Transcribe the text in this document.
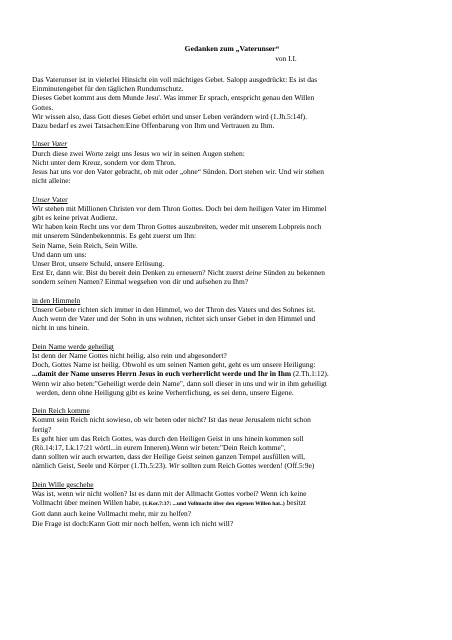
Gedanken zum „Vaterunser“
von I.I.

Das Vaterunser ist in vielerlei Hinsicht ein voll mächtiges Gebet. Salopp ausgedrückt: Es ist das
Einminutengebet für den täglichen Rundumschutz.
Dieses Gebet kommt aus dem Munde Jesu'. Was immer Er sprach, entspricht genau den Willen
Gottes.
Wir wissen also, dass Gott dieses Gebet erhört und unser Leben verändern wird (1.Jh.5:14f).
Dazu bedarf es zwei Tatsachen:Eine Offenbarung von Ihm und Vertrauen zu Ihm.

Unser Vater
Durch diese zwei Worte zeigt uns Jesus wo wir in seinen Augen stehen:
Nicht unter dem Kreuz, sondern vor dem Thron.
Jesus hat uns vor den Vater gebracht, ob mit oder „ohne“ Sünden. Dort stehen wir. Und wir stehen
nicht alleine:

Unser Vater
Wir stehen mit Millionen Christen vor dem Thron Gottes. Doch bei dem heiligen Vater im Himmel
gibt es keine privat Audienz.
Wir haben kein Recht uns vor dem Thron Gottes auszubreiten, weder mit unserem Lobpreis noch
mit unserem Sündenbekenntnis. Es geht zuerst um Ihn:
Sein Name, Sein Reich, Sein Wille.
Und dann um uns:
Unser Brot, unsere Schuld, unsere Erlösung.
Erst Er, dann wir. Bist du bereit dein Denken zu erneuern? Nicht zuerst deine Sünden zu bekennen
sondern seinen Namen? Einmal wegsehen von dir und aufsehen zu Ihm?

in den Himmeln
Unsere Gebete richten sich immer in den Himmel, wo der Thron des Vaters und des Sohnes ist.
Auch wenn der Vater und der Sohn in uns wohnen, richtet sich unser Gebet in den Himmel und
nicht in uns hinein.

Dein Name werde geheiligt
Ist denn der Name Gottes nicht heilig, also rein und abgesondert?
Doch, Gottes Name ist heilig. Obwohl es um seinen Namen geht, geht es um unsere Heiligung:
...damit der Name unseres Herrn Jesus in euch verherrlicht werde und Ihr in Ihm (2.Th.1:12).
Wenn wir also beten:"Geheiligt werde dein Name", dann soll dieser in uns und wir in ihm geheiligt

werden, denn ohne Heiligung gibt es keine Verherrlichung, es sei denn, unsere Eigene.

Dein Reich komme
Kommt sein Reich nicht sowieso, ob wir beten oder nicht? Ist das neue Jerusalem nicht schon
fertig?
Es geht hier um das Reich Gottes, was durch den Heiligen Geist in uns hinein kommen soll
(Rö.14:17, Lk.17:21 wörtl...in eurem Inneren).Wenn wir beten:"Dein Reich komme",
dann sollten wir auch erwarten, dass der Heilige Geist seinen ganzen Tempel ausfüllen will,
nämlich Geist, Seele und Körper (1.Th.5:23). Wir sollten zum Reich Gottes werden! (Off.5:9e)

Dein Wille geschehe
Was ist, wenn wir nicht wollen? Ist es dann mit der Allmacht Gottes vorbei? Wenn ich keine
Vollmacht über meinen Willen habe, (1.Kor.7:37: ...und Vollmacht über den eigenen Willen hat..) besitzt
Gott dann auch keine Vollmacht mehr, mir zu helfen?
Die Frage ist doch:Kann Gott mir noch helfen, wenn ich nicht will?
